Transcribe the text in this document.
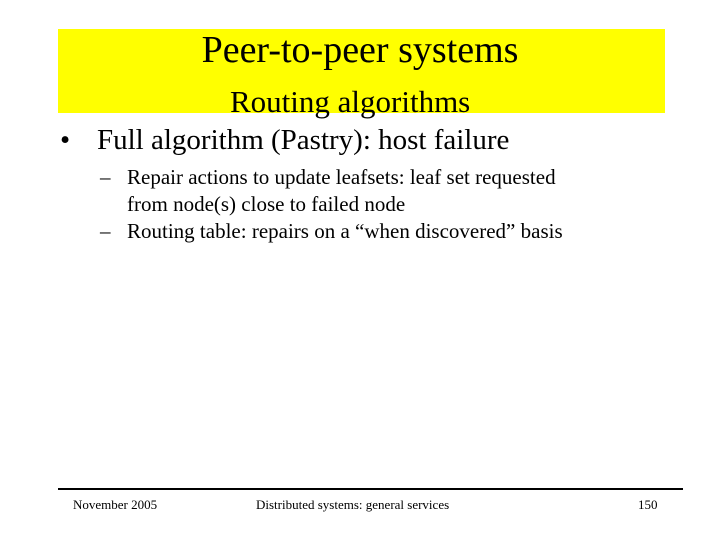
Peer-to-peer systems
Routing algorithms
• Full algorithm (Pastry): host failure
– Repair actions to update leafsets: leaf set requested
from node(s) close to failed node
– Routing table: repairs on a “when discovered” basis
November 2005	Distributed systems: general services	150
